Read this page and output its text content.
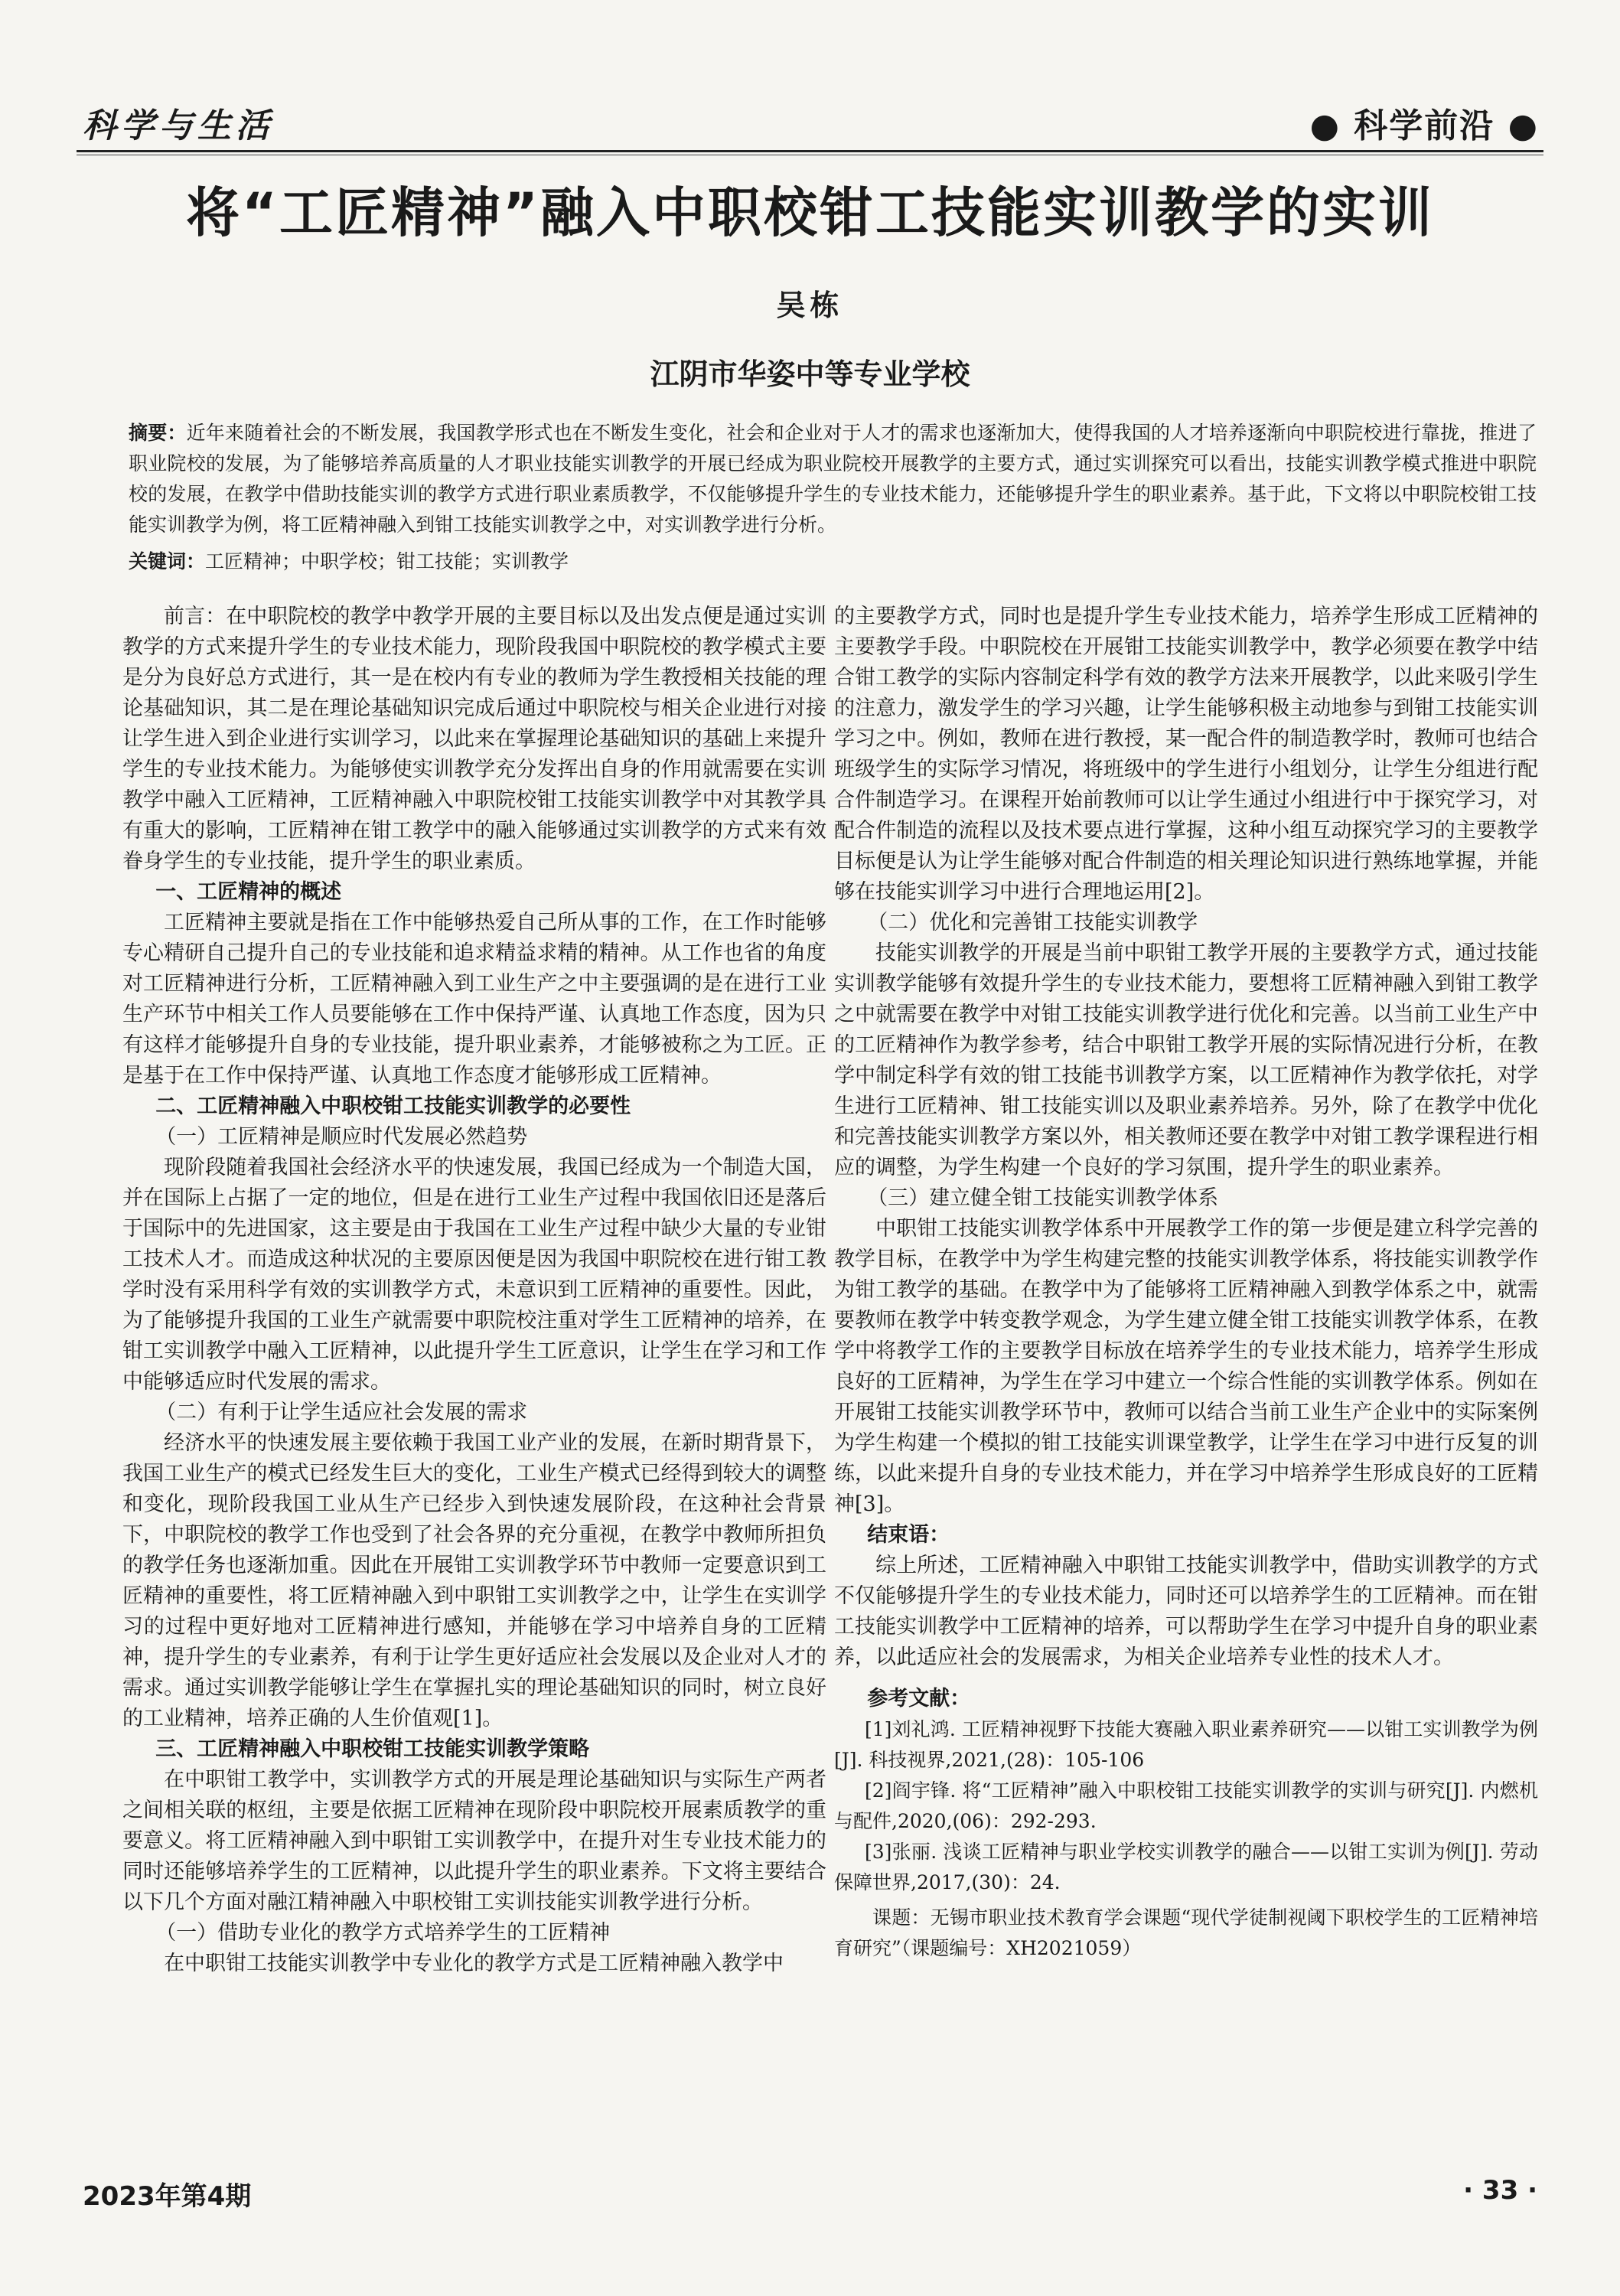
科学与生活	● 科学前沿 ●
将“工匠精神”融入中职校钳工技能实训教学的实训
吴栋
江阴市华姿中等专业学校
摘要：近年来随着社会的不断发展，我国教学形式也在不断发生变化，社会和企业对于人才的需求也逐渐加大，使得我国的人才培养逐渐向中职院校进行靠拢，推进了职业院校的发展，为了能够培养高质量的人才职业技能实训教学的开展已经成为职业院校开展教学的主要方式，通过实训探究可以看出，技能实训教学模式推进中职院校的发展，在教学中借助技能实训的教学方式进行职业素质教学，不仅能够提升学生的专业技术能力，还能够提升学生的职业素养。基于此，下文将以中职院校钳工技能实训教学为例，将工匠精神融入到钳工技能实训教学之中，对实训教学进行分析。
关键词：工匠精神；中职学校；钳工技能；实训教学

前言：在中职院校的教学中教学开展的主要目标以及出发点便是通过实训教学的方式来提升学生的专业技术能力，现阶段我国中职院校的教学模式主要是分为良好总方式进行，其一是在校内有专业的教师为学生教授相关技能的理论基础知识，其二是在理论基础知识完成后通过中职院校与相关企业进行对接让学生进入到企业进行实训学习，以此来在掌握理论基础知识的基础上来提升学生的专业技术能力。为能够使实训教学充分发挥出自身的作用就需要在实训教学中融入工匠精神，工匠精神融入中职院校钳工技能实训教学中对其教学具有重大的影响，工匠精神在钳工教学中的融入能够通过实训教学的方式来有效眷身学生的专业技能，提升学生的职业素质。

一、工匠精神的概述

工匠精神主要就是指在工作中能够热爱自己所从事的工作，在工作时能够专心精研自己提升自己的专业技能和追求精益求精的精神。从工作也省的角度对工匠精神进行分析，工匠精神融入到工业生产之中主要强调的是在进行工业生产环节中相关工作人员要能够在工作中保持严谨、认真地工作态度，因为只有这样才能够提升自身的专业技能，提升职业素养，才能够被称之为工匠。正是基于在工作中保持严谨、认真地工作态度才能够形成工匠精神。

二、工匠精神融入中职校钳工技能实训教学的必要性

（一）工匠精神是顺应时代发展必然趋势

现阶段随着我国社会经济水平的快速发展，我国已经成为一个制造大国，并在国际上占据了一定的地位，但是在进行工业生产过程中我国依旧还是落后于国际中的先进国家，这主要是由于我国在工业生产过程中缺少大量的专业钳工技术人才。而造成这种状况的主要原因便是因为我国中职院校在进行钳工教学时没有采用科学有效的实训教学方式，未意识到工匠精神的重要性。因此，为了能够提升我国的工业生产就需要中职院校注重对学生工匠精神的培养，在钳工实训教学中融入工匠精神，以此提升学生工匠意识，让学生在学习和工作中能够适应时代发展的需求。

（二）有利于让学生适应社会发展的需求

经济水平的快速发展主要依赖于我国工业产业的发展，在新时期背景下，我国工业生产的模式已经发生巨大的变化，工业生产模式已经得到较大的调整和变化，现阶段我国工业从生产已经步入到快速发展阶段，在这种社会背景下，中职院校的教学工作也受到了社会各界的充分重视，在教学中教师所担负的教学任务也逐渐加重。因此在开展钳工实训教学环节中教师一定要意识到工匠精神的重要性，将工匠精神融入到中职钳工实训教学之中，让学生在实训学习的过程中更好地对工匠精神进行感知，并能够在学习中培养自身的工匠精神，提升学生的专业素养，有利于让学生更好适应社会发展以及企业对人才的需求。通过实训教学能够让学生在掌握扎实的理论基础知识的同时，树立良好的工业精神，培养正确的人生价值观[1]。

三、工匠精神融入中职校钳工技能实训教学策略

在中职钳工教学中，实训教学方式的开展是理论基础知识与实际生产两者之间相关联的枢纽，主要是依据工匠精神在现阶段中职院校开展素质教学的重要意义。将工匠精神融入到中职钳工实训教学中，在提升对生专业技术能力的同时还能够培养学生的工匠精神，以此提升学生的职业素养。下文将主要结合以下几个方面对融江精神融入中职校钳工实训技能实训教学进行分析。

（一）借助专业化的教学方式培养学生的工匠精神

在中职钳工技能实训教学中专业化的教学方式是工匠精神融入教学中

的主要教学方式，同时也是提升学生专业技术能力，培养学生形成工匠精神的主要教学手段。中职院校在开展钳工技能实训教学中，教学必须要在教学中结合钳工教学的实际内容制定科学有效的教学方法来开展教学，以此来吸引学生的注意力，激发学生的学习兴趣，让学生能够积极主动地参与到钳工技能实训学习之中。例如，教师在进行教授，某一配合件的制造教学时，教师可也结合班级学生的实际学习情况，将班级中的学生进行小组划分，让学生分组进行配合件制造学习。在课程开始前教师可以让学生通过小组进行中于探究学习，对配合件制造的流程以及技术要点进行掌握，这种小组互动探究学习的主要教学目标便是认为让学生能够对配合件制造的相关理论知识进行熟练地掌握，并能够在技能实训学习中进行合理地运用[2]。

（二）优化和完善钳工技能实训教学

技能实训教学的开展是当前中职钳工教学开展的主要教学方式，通过技能实训教学能够有效提升学生的专业技术能力，要想将工匠精神融入到钳工教学之中就需要在教学中对钳工技能实训教学进行优化和完善。以当前工业生产中的工匠精神作为教学参考，结合中职钳工教学开展的实际情况进行分析，在教学中制定科学有效的钳工技能书训教学方案，以工匠精神作为教学依托，对学生进行工匠精神、钳工技能实训以及职业素养培养。另外，除了在教学中优化和完善技能实训教学方案以外，相关教师还要在教学中对钳工教学课程进行相应的调整，为学生构建一个良好的学习氛围，提升学生的职业素养。

（三）建立健全钳工技能实训教学体系

中职钳工技能实训教学体系中开展教学工作的第一步便是建立科学完善的教学目标，在教学中为学生构建完整的技能实训教学体系，将技能实训教学作为钳工教学的基础。在教学中为了能够将工匠精神融入到教学体系之中，就需要教师在教学中转变教学观念，为学生建立健全钳工技能实训教学体系，在教学中将教学工作的主要教学目标放在培养学生的专业技术能力，培养学生形成良好的工匠精神，为学生在学习中建立一个综合性能的实训教学体系。例如在开展钳工技能实训教学环节中，教师可以结合当前工业生产企业中的实际案例为学生构建一个模拟的钳工技能实训课堂教学，让学生在学习中进行反复的训练，以此来提升自身的专业技术能力，并在学习中培养学生形成良好的工匠精神[3]。

结束语：

综上所述，工匠精神融入中职钳工技能实训教学中，借助实训教学的方式不仅能够提升学生的专业技术能力，同时还可以培养学生的工匠精神。而在钳工技能实训教学中工匠精神的培养，可以帮助学生在学习中提升自身的职业素养，以此适应社会的发展需求，为相关企业培养专业性的技术人才。

参考文献：

[1]刘礼鸿. 工匠精神视野下技能大赛融入职业素养研究——以钳工实训教学为例[J]. 科技视界,2021,(28)：105-106

[2]阎宇锋. 将“工匠精神”融入中职校钳工技能实训教学的实训与研究[J]. 内燃机与配件,2020,(06)：292-293.

[3]张丽. 浅谈工匠精神与职业学校实训教学的融合——以钳工实训为例[J]. 劳动保障世界,2017,(30)：24.

课题：无锡市职业技术教育学会课题“现代学徒制视阈下职校学生的工匠精神培育研究”（课题编号：XH2021059）

2023年第4期	· 33 ·
